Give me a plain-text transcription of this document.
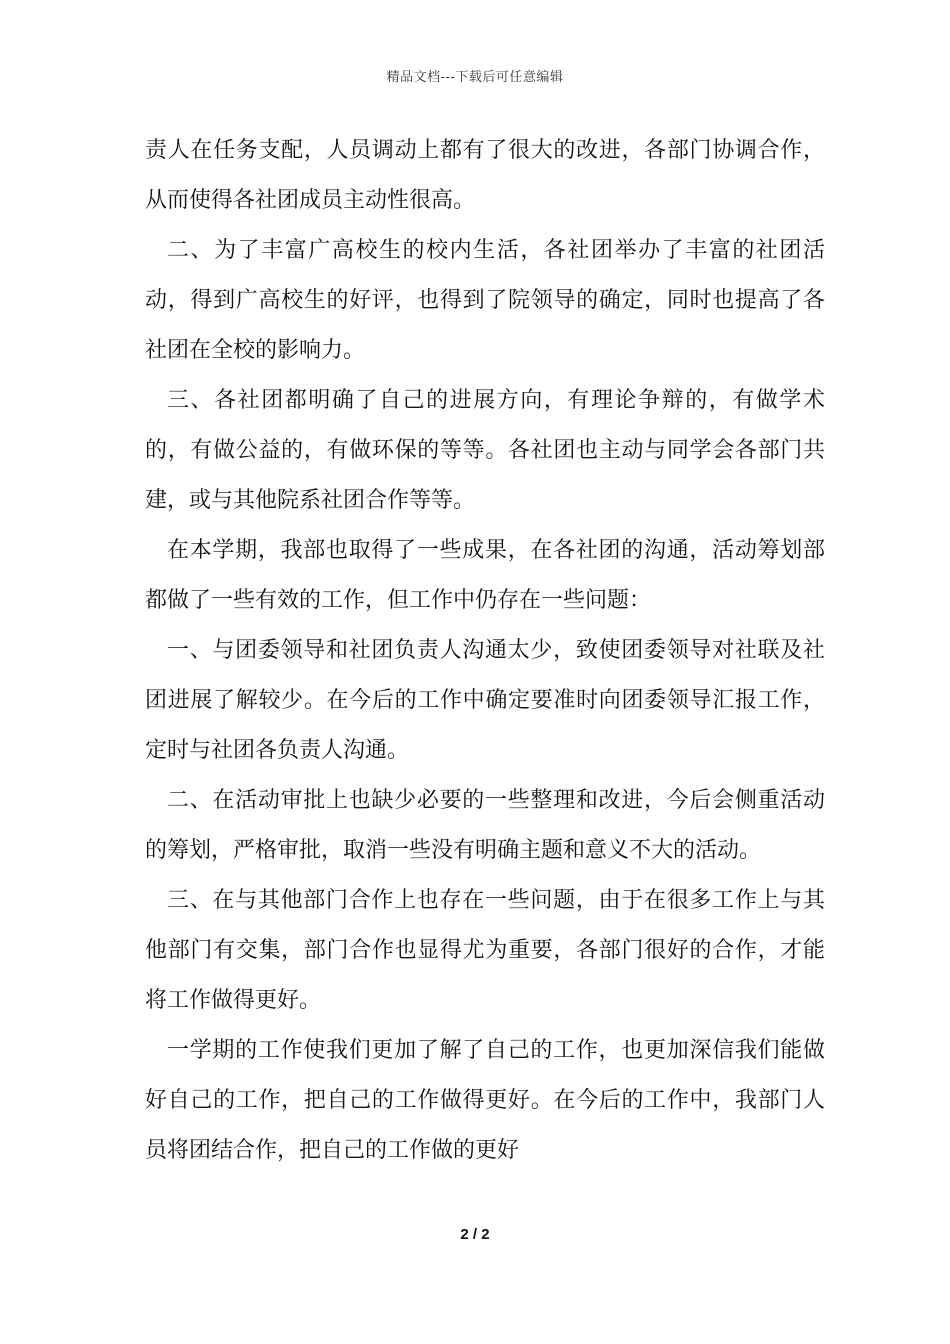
精品文档---下载后可任意编辑

责人在任务支配，人员调动上都有了很大的改进，各部门协调合作，从而使得各社团成员主动性很高。

二、为了丰富广高校生的校内生活，各社团举办了丰富的社团活动，得到广高校生的好评，也得到了院领导的确定，同时也提高了各社团在全校的影响力。

三、各社团都明确了自己的进展方向，有理论争辩的，有做学术的，有做公益的，有做环保的等等。各社团也主动与同学会各部门共建，或与其他院系社团合作等等。

在本学期，我部也取得了一些成果，在各社团的沟通，活动筹划部都做了一些有效的工作，但工作中仍存在一些问题：

一、与团委领导和社团负责人沟通太少，致使团委领导对社联及社团进展了解较少。在今后的工作中确定要准时向团委领导汇报工作，定时与社团各负责人沟通。

二、在活动审批上也缺少必要的一些整理和改进，今后会侧重活动的筹划，严格审批，取消一些没有明确主题和意义不大的活动。

三、在与其他部门合作上也存在一些问题，由于在很多工作上与其他部门有交集，部门合作也显得尤为重要，各部门很好的合作，才能将工作做得更好。

一学期的工作使我们更加了解了自己的工作，也更加深信我们能做好自己的工作，把自己的工作做得更好。在今后的工作中，我部门人员将团结合作，把自己的工作做的更好

2 / 2
